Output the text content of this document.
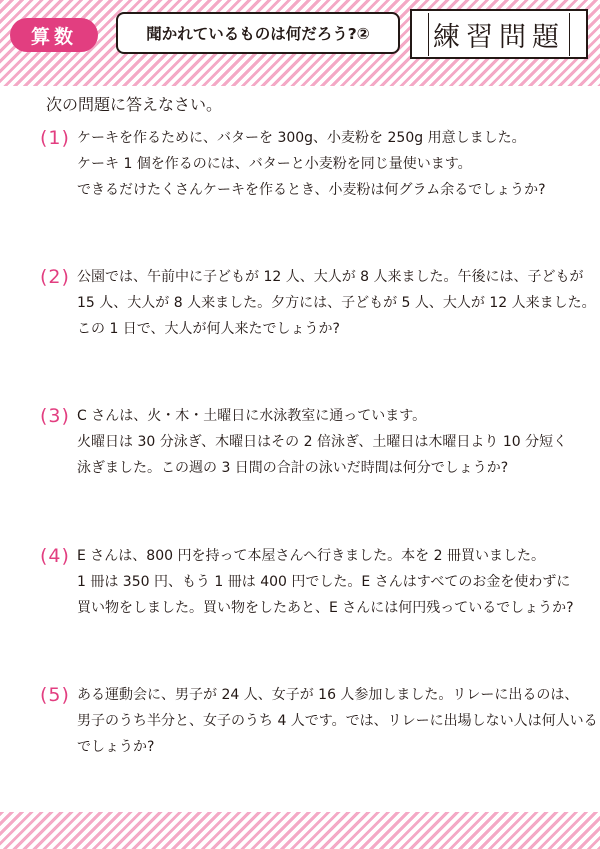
算数	聞かれているものは何だろう?② 練習問題
次の問題に答えなさい。
(1) ケーキを作るために、バターを 300g、小麦粉を 250g 用意しました。
ケーキ 1 個を作るのには、バターと小麦粉を同じ量使います。
できるだけたくさんケーキを作るとき、小麦粉は何グラム余るでしょうか?
(2) 公園では、午前中に子どもが 12 人、大人が 8 人来ました。午後には、子どもが
15 人、大人が 8 人来ました。夕方には、子どもが 5 人、大人が 12 人来ました。
この 1 日で、大人が何人来たでしょうか?
(3) C さんは、火・木・土曜日に水泳教室に通っています。
火曜日は 30 分泳ぎ、木曜日はその 2 倍泳ぎ、土曜日は木曜日より 10 分短く
泳ぎました。この週の 3 日間の合計の泳いだ時間は何分でしょうか?
(4) E さんは、800 円を持って本屋さんへ行きました。本を 2 冊買いました。
1 冊は 350 円、もう 1 冊は 400 円でした。E さんはすべてのお金を使わずに
買い物をしました。買い物をしたあと、E さんには何円残っているでしょうか?
(5) ある運動会に、男子が 24 人、女子が 16 人参加しました。リレーに出るのは、
男子のうち半分と、女子のうち 4 人です。では、リレーに出場しない人は何人いる
でしょうか?
